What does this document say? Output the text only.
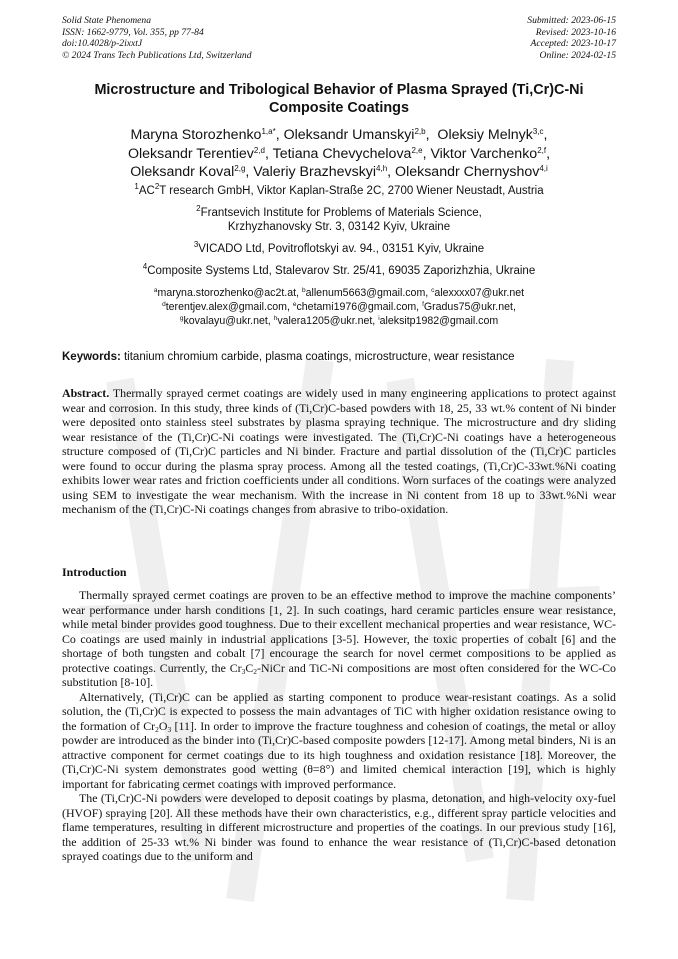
Solid State Phenomena
ISSN: 1662-9779, Vol. 355, pp 77-84
doi:10.4028/p-2ixxtJ
© 2024 Trans Tech Publications Ltd, Switzerland
Submitted: 2023-06-15
Revised: 2023-10-16
Accepted: 2023-10-17
Online: 2024-02-15
Microstructure and Tribological Behavior of Plasma Sprayed (Ti,Cr)C-Ni
Composite Coatings
Maryna Storozhenko$^{1,a*}$, Oleksandr Umanskyi$^{2,b}$,  Oleksiy Melnyk$^{3,c}$,
Oleksandr Terentiev$^{2,d}$, Tetiana Chevychelova$^{2,e}$, Viktor Varchenko$^{2,f}$,
Oleksandr Koval$^{2,g}$, Valeriy Brazhevskyi$^{4,h}$, Oleksandr Chernyshov$^{4,i}$

$^1AC^2T$ research GmbH, Viktor Kaplan-Straße 2C, 2700 Wiener Neustadt, Austria

$^2$Frantsevich Institute for Problems of Materials Science,
Krzhyzhanovsky Str. 3, 03142 Kyiv, Ukraine

$^3$VICADO Ltd, Povitroflotskyi av. 94., 03151 Kyiv, Ukraine

$^4$Composite Systems Ltd, Stalevarov Str. 25/41, 69035 Zaporizhzhia, Ukraine

$^a$maryna.storozhenko@ac2t.at, $^b$allenum5663@gmail.com, $^c$alexxxx07@ukr.net
$^d$terentjev.alex@gmail.com, $^e$chetami1976@gmail.com, $^f$Gradus75@ukr.net,
$^g$kovalayu@ukr.net, $^h$valera1205@ukr.net, $^i$aleksitp1982@gmail.com

Keywords: titanium chromium carbide, plasma coatings, microstructure, wear resistance

Abstract. Thermally sprayed cermet coatings are widely used in many engineering applications to protect against wear and corrosion. In this study, three kinds of (Ti,Cr)C-based powders with 18, 25, 33 wt.% content of Ni binder were deposited onto stainless steel substrates by plasma spraying technique. The microstructure and dry sliding wear resistance of the (Ti,Cr)C-Ni coatings were investigated. The (Ti,Cr)C-Ni coatings have a heterogeneous structure composed of (Ti,Cr)C particles and Ni binder. Fracture and partial dissolution of the (Ti,Cr)C particles were found to occur during the plasma spray process. Among all the tested coatings, (Ti,Cr)C-33wt.%Ni coating exhibits lower wear rates and friction coefficients under all conditions. Worn surfaces of the coatings were analyzed using SEM to investigate the wear mechanism. With the increase in Ni content from 18 up to 33wt.%Ni wear mechanism of the (Ti,Cr)C-Ni coatings changes from abrasive to tribo-oxidation.

Introduction

Thermally sprayed cermet coatings are proven to be an effective method to improve the machine components’ wear performance under harsh conditions [1, 2]. In such coatings, hard ceramic particles ensure wear resistance, while metal binder provides good toughness. Due to their excellent mechanical properties and wear resistance, WC-Co coatings are used mainly in industrial applications [3-5]. However, the toxic properties of cobalt [6] and the shortage of both tungsten and cobalt [7] encourage the search for novel cermet compositions to be applied as protective coatings. Currently, the $Cr_3C_2$-NiCr and TiC-Ni compositions are most often considered for the WC-Co substitution [8-10].

Alternatively, (Ti,Cr)C can be applied as starting component to produce wear-resistant coatings. As a solid solution, the (Ti,Cr)C is expected to possess the main advantages of TiC with higher oxidation resistance owing to the formation of $Cr_2O_3$ [11]. In order to improve the fracture toughness and cohesion of coatings, the metal or alloy powder are introduced as the binder into (Ti,Cr)C-based composite powders [12-17]. Among metal binders, Ni is an attractive component for cermet coatings due to its high toughness and oxidation resistance [18]. Moreover, the (Ti,Cr)C-Ni system demonstrates good wetting (θ=8°) and limited chemical interaction [19], which is highly important for fabricating cermet coatings with improved performance.

The (Ti,Cr)C-Ni powders were developed to deposit coatings by plasma, detonation, and high-velocity oxy-fuel (HVOF) spraying [20]. All these methods have their own characteristics, e.g., different spray particle velocities and flame temperatures, resulting in different microstructure and properties of the coatings. In our previous study [16], the addition of 25-33 wt.% Ni binder was found to enhance the wear resistance of (Ti,Cr)C-based detonation sprayed coatings due to the uniform and
